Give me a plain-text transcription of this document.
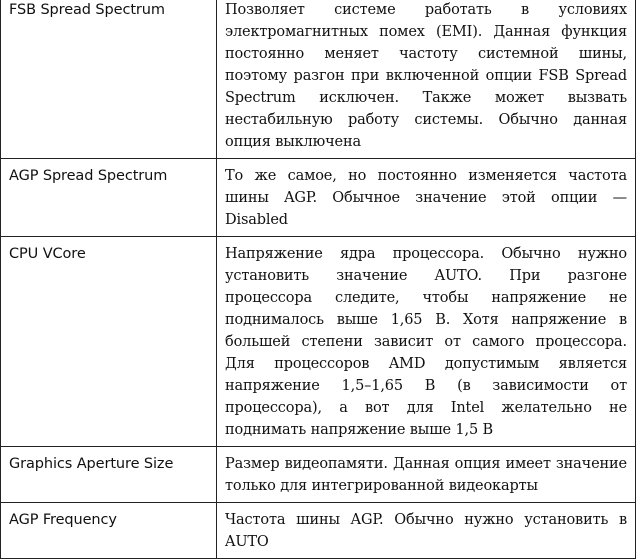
FSB Spread Spectrum	Позволяет системе работать в условиях электромагнитных помех (EMI). Данная функция постоянно меняет частоту системной шины, поэтому разгон при включенной опции FSB Spread Spectrum исключен. Также может вызвать нестабильную работу системы. Обычно данная опция выключена
AGP Spread Spectrum	То же самое, но постоянно изменяется частота шины AGP. Обычное значение этой опции — Disabled
CPU VCore	Напряжение ядра процессора. Обычно нужно установить значение AUTO. При разгоне процессора следите, чтобы напряжение не поднималось выше 1,65 В. Хотя напряжение в большей степени зависит от самого процессора. Для процессоров AMD допустимым является напряжение 1,5–1,65 В (в зависимости от процессора), а вот для Intel желательно не поднимать напряжение выше 1,5 В
Graphics Aperture Size	Размер видеопамяти. Данная опция имеет значение только для интегрированной видеокарты
AGP Frequency	Частота шины AGP. Обычно нужно установить в AUTO
